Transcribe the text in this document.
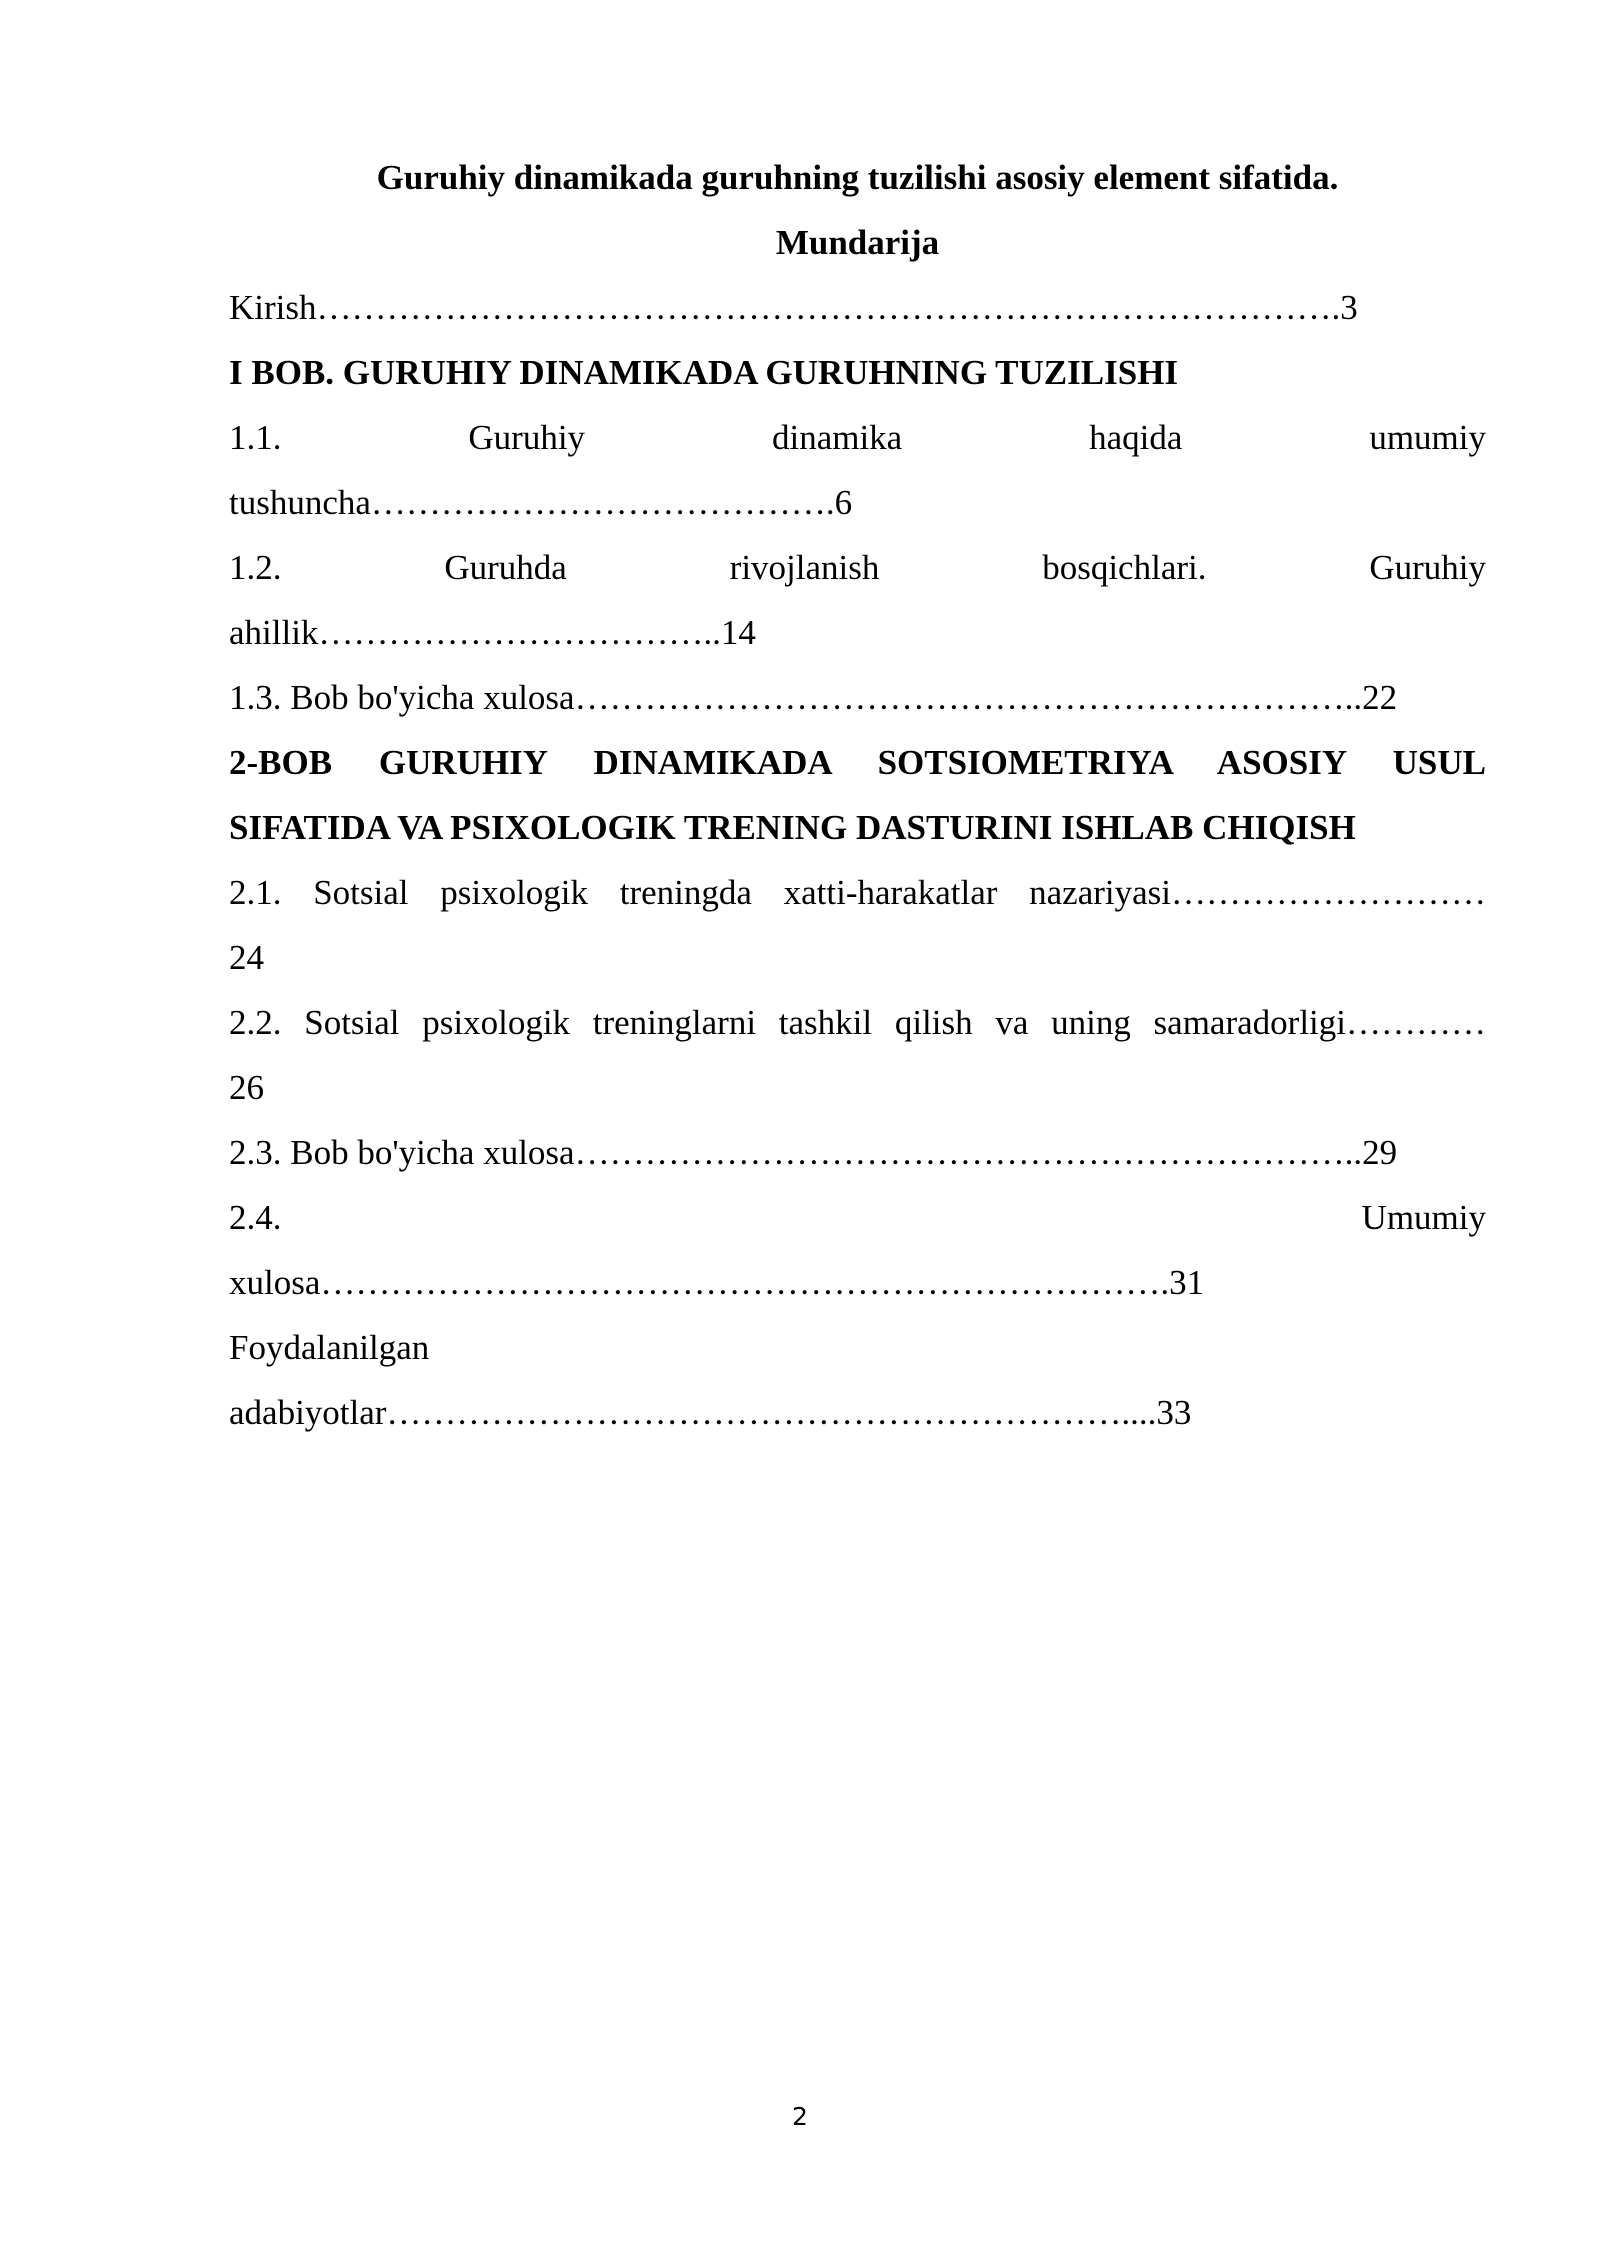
Guruhiy dinamikada guruhning tuzilishi asosiy element sifatida.

Mundarija

Kirish…………………………………………………………………………….3

I BOB. GURUHIY DINAMIKADA GURUHNING TUZILISHI

1.1. Guruhiy dinamika haqida umumiy

tushuncha………………………………….6

1.2. Guruhda rivojlanish bosqichlari. Guruhiy

ahillik……………………………..14

1.3. Bob bo'yicha xulosa…………………………………………………………..22

2-BOB GURUHIY DINAMIKADA SOTSIOMETRIYA ASOSIY USUL

SIFATIDA VA PSIXOLOGIK TRENING DASTURINI ISHLAB CHIQISH

2.1. Sotsial psixologik treningda xatti-harakatlar nazariyasi………………………

24

2.2. Sotsial psixologik treninglarni tashkil qilish va uning samaradorligi…………

26

2.3. Bob bo'yicha xulosa…………………………………………………………..29

2.4. Umumiy

xulosa……………………………………………………………….31

Foydalanilgan

adabiyotlar………………………………………………………....33

2
